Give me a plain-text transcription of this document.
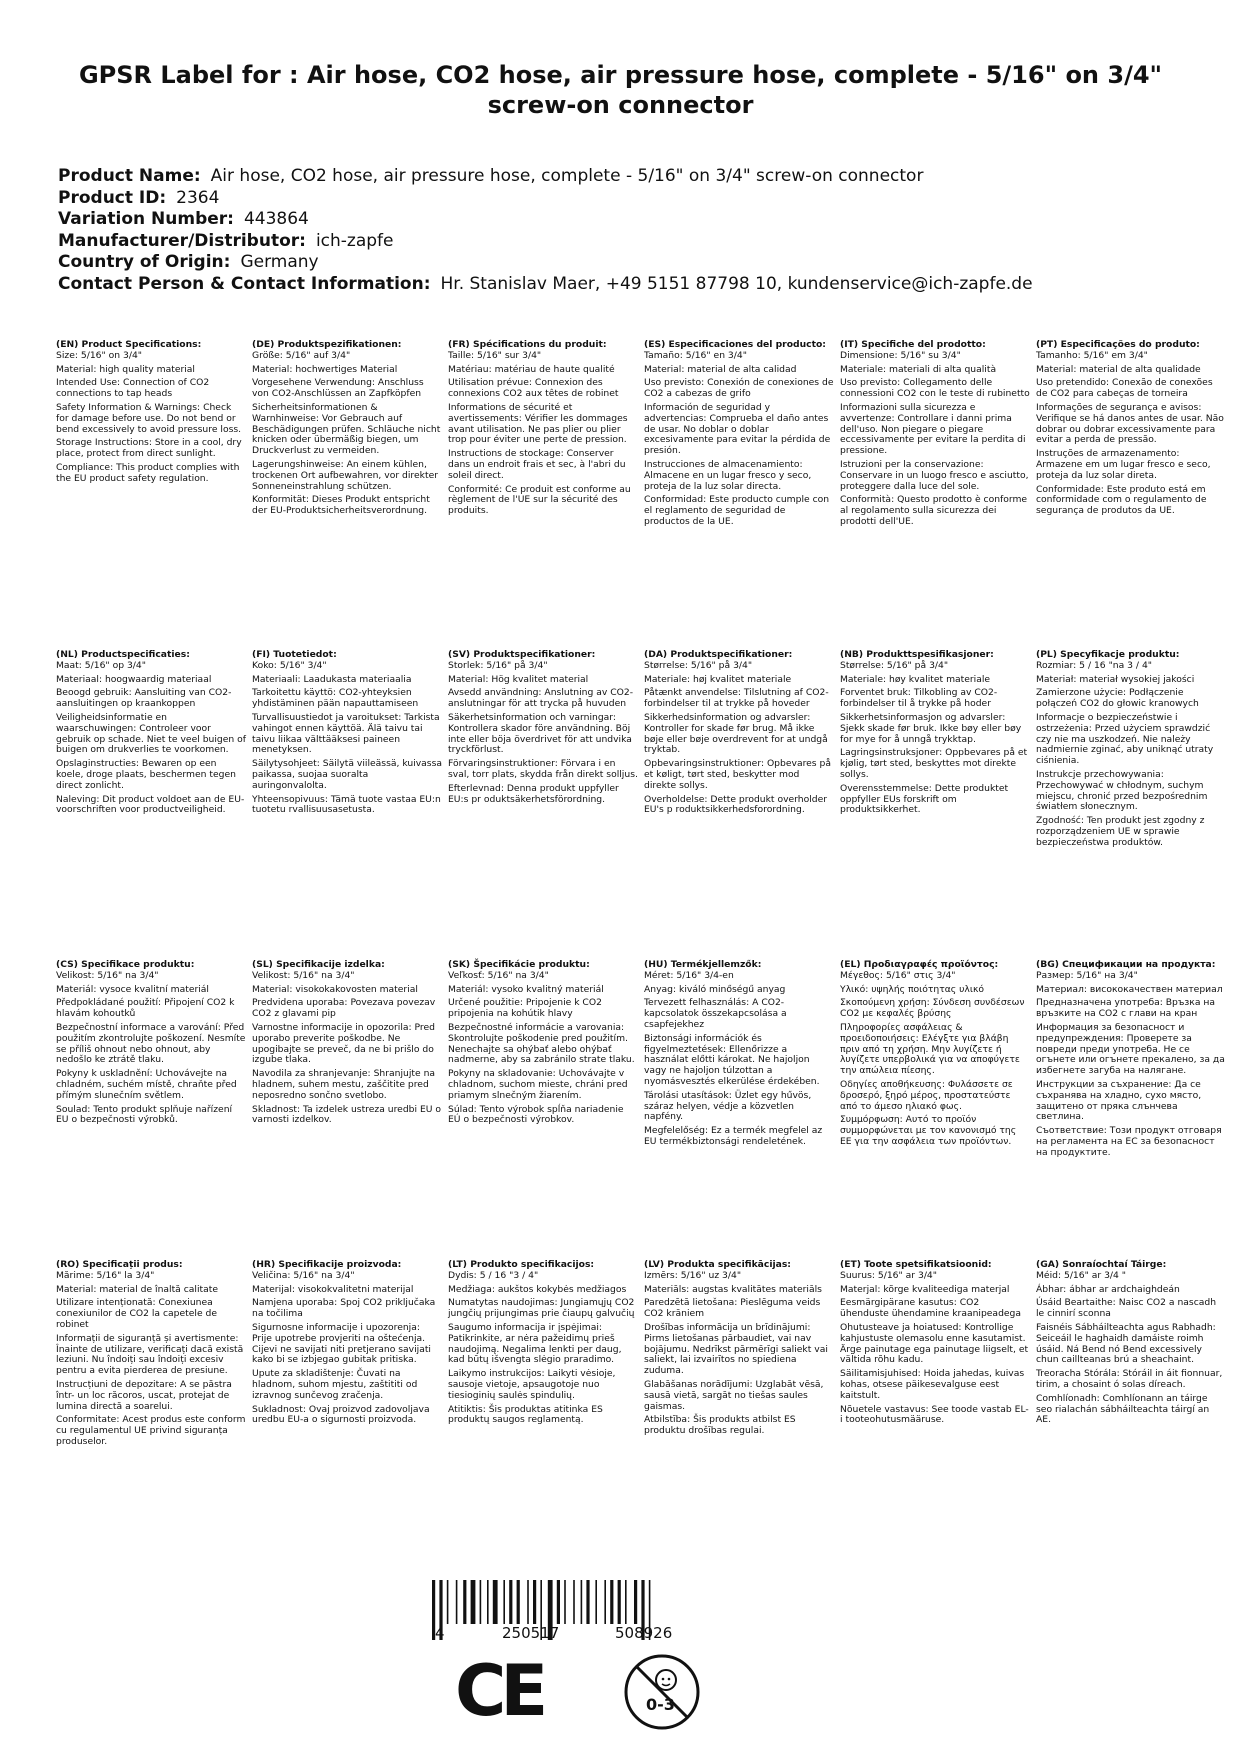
GPSR Label for : Air hose, CO2 hose, air pressure hose, complete - 5/16" on 3/4" screw-on connector
Product Name: Air hose, CO2 hose, air pressure hose, complete - 5/16" on 3/4" screw-on connector
Product ID: 2364
Variation Number: 443864
Manufacturer/Distributor: ich-zapfe
Country of Origin: Germany
Contact Person & Contact Information: Hr. Stanislav Maer, +49 5151 87798 10, kundenservice@ich-zapfe.de
(EN) Product Specifications:
Size: 5/16" on 3/4"
Material: high quality material
Intended Use: Connection of CO2 connections to tap heads
Safety Information & Warnings: Check for damage before use. Do not bend or bend excessively to avoid pressure loss.
Storage Instructions: Store in a cool, dry place, protect from direct sunlight.
Compliance: This product complies with the EU product safety regulation.
(DE) Produktspezifikationen:
Größe: 5/16" auf 3/4"
Material: hochwertiges Material
Vorgesehene Verwendung: Anschluss von CO2-Anschlüssen an Zapfköpfen
Sicherheitsinformationen & Warnhinweise: Vor Gebrauch auf Beschädigungen prüfen. Schläuche nicht knicken oder übermäßig biegen, um Druckverlust zu vermeiden.
Lagerungshinweise: An einem kühlen, trockenen Ort aufbewahren, vor direkter Sonneneinstrahlung schützen.
Konformität: Dieses Produkt entspricht der EU-Produktsicherheitsverordnung.
(FR) Spécifications du produit:
Taille: 5/16" sur 3/4"
Matériau: matériau de haute qualité
Utilisation prévue: Connexion des connexions CO2 aux têtes de robinet
Informations de sécurité et avertissements: Vérifier les dommages avant utilisation. Ne pas plier ou plier trop pour éviter une perte de pression.
Instructions de stockage: Conserver dans un endroit frais et sec, à l'abri du soleil direct.
Conformité: Ce produit est conforme au règlement de l'UE sur la sécurité des produits.
(ES) Especificaciones del producto:
Tamaño: 5/16" en 3/4"
Material: material de alta calidad
Uso previsto: Conexión de conexiones de CO2 a cabezas de grifo
Información de seguridad y advertencias: Comprueba el daño antes de usar. No doblar o doblar excesivamente para evitar la pérdida de presión.
Instrucciones de almacenamiento: Almacene en un lugar fresco y seco, proteja de la luz solar directa.
Conformidad: Este producto cumple con el reglamento de seguridad de productos de la UE.
(IT) Specifiche del prodotto:
Dimensione: 5/16" su 3/4"
Materiale: materiali di alta qualità
Uso previsto: Collegamento delle connessioni CO2 con le teste di rubinetto
Informazioni sulla sicurezza e avvertenze: Controllare i danni prima dell'uso. Non piegare o piegare eccessivamente per evitare la perdita di pressione.
Istruzioni per la conservazione: Conservare in un luogo fresco e asciutto, proteggere dalla luce del sole.
Conformità: Questo prodotto è conforme al regolamento sulla sicurezza dei prodotti dell'UE.
(PT) Especificações do produto:
Tamanho: 5/16" em 3/4"
Material: material de alta qualidade
Uso pretendido: Conexão de conexões de CO2 para cabeças de torneira
Informações de segurança e avisos: Verifique se há danos antes de usar. Não dobrar ou dobrar excessivamente para evitar a perda de pressão.
Instruções de armazenamento: Armazene em um lugar fresco e seco, proteja da luz solar direta.
Conformidade: Este produto está em conformidade com o regulamento de segurança de produtos da UE.
(NL) Productspecificaties:
Maat: 5/16" op 3/4"
Materiaal: hoogwaardig materiaal
Beoogd gebruik: Aansluiting van CO2-aansluitingen op kraankoppen
Veiligheidsinformatie en waarschuwingen: Controleer voor gebruik op schade. Niet te veel buigen of buigen om drukverlies te voorkomen.
Opslaginstructies: Bewaren op een koele, droge plaats, beschermen tegen direct zonlicht.
Naleving: Dit product voldoet aan de EU-voorschriften voor productveiligheid.
(FI) Tuotetiedot:
Koko: 5/16" 3/4"
Materiaali: Laadukasta materiaalia
Tarkoitettu käyttö: CO2-yhteyksien yhdistäminen pään napauttamiseen
Turvallisuustiedot ja varoitukset: Tarkista vahingot ennen käyttöä. Älä taivu tai taivu liikaa välttääksesi paineen menetyksen.
Säilytysohjeet: Säilytä viileässä, kuivassa paikassa, suojaa suoralta auringonvalolta.
Yhteensopivuus: Tämä tuote vastaa EU:n tuotetu rvallisuusasetusta.
(SV) Produktspecifikationer:
Storlek: 5/16" på 3/4"
Material: Hög kvalitet material
Avsedd användning: Anslutning av CO2-anslutningar för att trycka på huvuden
Säkerhetsinformation och varningar: Kontrollera skador före användning. Böj inte eller böja överdrivet för att undvika tryckförlust.
Förvaringsinstruktioner: Förvara i en sval, torr plats, skydda från direkt solljus.
Efterlevnad: Denna produkt uppfyller EU:s pr oduktsäkerhetsförordning.
(DA) Produktspecifikationer:
Størrelse: 5/16" på 3/4"
Materiale: høj kvalitet materiale
Påtænkt anvendelse: Tilslutning af CO2-forbindelser til at trykke på hoveder
Sikkerhedsinformation og advarsler: Kontroller for skade før brug. Må ikke bøje eller bøje overdrevent for at undgå tryktab.
Opbevaringsinstruktioner: Opbevares på et køligt, tørt sted, beskytter mod direkte sollys.
Overholdelse: Dette produkt overholder EU's p roduktsikkerhedsforordning.
(NB) Produkttspesifikasjoner:
Størrelse: 5/16" på 3/4"
Materiale: høy kvalitet materiale
Forventet bruk: Tilkobling av CO2-forbindelser til å trykke på hoder
Sikkerhetsinformasjon og advarsler: Sjekk skade før bruk. Ikke bøy eller bøy for mye for å unngå trykktap.
Lagringsinstruksjoner: Oppbevares på et kjølig, tørt sted, beskyttes mot direkte sollys.
Overensstemmelse: Dette produktet oppfyller EUs forskrift om produktsikkerhet.
(PL) Specyfikacje produktu:
Rozmiar: 5 / 16 "na 3 / 4"
Materiał: materiał wysokiej jakości
Zamierzone użycie: Podłączenie połączeń CO2 do głowic kranowych
Informacje o bezpieczeństwie i ostrzeżenia: Przed użyciem sprawdzić czy nie ma uszkodzeń. Nie należy nadmiernie zginać, aby uniknąć utraty ciśnienia.
Instrukcje przechowywania: Przechowywać w chłodnym, suchym miejscu, chronić przed bezpośrednim światłem słonecznym.
Zgodność: Ten produkt jest zgodny z rozporządzeniem UE w sprawie bezpieczeństwa produktów.
(CS) Specifikace produktu:
Velikost: 5/16" na 3/4"
Materiál: vysoce kvalitní materiál
Předpokládané použití: Připojení CO2 k hlavám kohoutků
Bezpečnostní informace a varování: Před použitím zkontrolujte poškození. Nesmíte se příliš ohnout nebo ohnout, aby nedošlo ke ztrátě tlaku.
Pokyny k uskladnění: Uchovávejte na chladném, suchém místě, chraňte před přímým slunečním světlem.
Soulad: Tento produkt splňuje nařízení EU o bezpečnosti výrobků.
(SL) Specifikacije izdelka:
Velikost: 5/16" na 3/4"
Material: visokokakovosten material
Predvidena uporaba: Povezava povezav CO2 z glavami pip
Varnostne informacije in opozorila: Pred uporabo preverite poškodbe. Ne upogibajte se preveč, da ne bi prišlo do izgube tlaka.
Navodila za shranjevanje: Shranjujte na hladnem, suhem mestu, zaščitite pred neposredno sončno svetlobo.
Skladnost: Ta izdelek ustreza uredbi EU o varnosti izdelkov.
(SK) Špecifikácie produktu:
Veľkosť: 5/16" na 3/4"
Materiál: vysoko kvalitný materiál
Určené použitie: Pripojenie k CO2 pripojenia na kohútik hlavy
Bezpečnostné informácie a varovania: Skontrolujte poškodenie pred použitím. Nenechajte sa ohýbať alebo ohýbať nadmerne, aby sa zabránilo strate tlaku.
Pokyny na skladovanie: Uchovávajte v chladnom, suchom mieste, chráni pred priamym slnečným žiarením.
Súlad: Tento výrobok spĺňa nariadenie EÚ o bezpečnosti výrobkov.
(HU) Termékjellemzők:
Méret: 5/16" 3/4-en
Anyag: kiváló minőségű anyag
Tervezett felhasználás: A CO2-kapcsolatok összekapcsolása a csapfejekhez
Biztonsági információk és figyelmeztetések: Ellenőrizze a használat előtti károkat. Ne hajoljon vagy ne hajoljon túlzottan a nyomásvesztés elkerülése érdekében.
Tárolási utasítások: Üzlet egy hűvös, száraz helyen, védje a közvetlen napfény.
Megfelelőség: Ez a termék megfelel az EU termékbiztonsági rendeletének.
(EL) Προδιαγραφές προϊόντος:
Μέγεθος: 5/16" στις 3/4"
Υλικό: υψηλής ποιότητας υλικό
Σκοπούμενη χρήση: Σύνδεση συνδέσεων CO2 με κεφαλές βρύσης
Πληροφορίες ασφάλειας & προειδοποιήσεις: Ελέγξτε για βλάβη πριν από τη χρήση. Μην λυγίζετε ή λυγίζετε υπερβολικά για να αποφύγετε την απώλεια πίεσης.
Οδηγίες αποθήκευσης: Φυλάσσετε σε δροσερό, ξηρό μέρος, προστατεύστε από το άμεσο ηλιακό φως.
Συμμόρφωση: Αυτό το προϊόν συμμορφώνεται με τον κανονισμό της ΕΕ για την ασφάλεια των προϊόντων.
(BG) Спецификации на продукта:
Размер: 5/16" на 3/4"
Материал: висококачествен материал
Предназначена употреба: Връзка на връзките на CO2 с глави на кран
Информация за безопасност и предупреждения: Проверете за повреди преди употреба. Не се огънете или огънете прекалено, за да избегнете загуба на налягане.
Инструкции за съхранение: Да се съхранява на хладно, сухо място, защитено от пряка слънчева светлина.
Съответствие: Този продукт отговаря на регламента на ЕС за безопасност на продуктите.
(RO) Specificații produs:
Mărime: 5/16" la 3/4"
Material: material de înaltă calitate
Utilizare intenționată: Conexiunea conexiunilor de CO2 la capetele de robinet
Informații de siguranță și avertismente: Înainte de utilizare, verificați dacă există leziuni. Nu îndoiți sau îndoiți excesiv pentru a evita pierderea de presiune.
Instrucțiuni de depozitare: A se păstra într- un loc răcoros, uscat, protejat de lumina directă a soarelui.
Conformitate: Acest produs este conform cu regulamentul UE privind siguranța produselor.
(HR) Specifikacije proizvoda:
Veličina: 5/16" na 3/4"
Materijal: visokokvalitetni materijal
Namjena uporaba: Spoj CO2 priključaka na točilima
Sigurnosne informacije i upozorenja: Prije upotrebe provjeriti na oštećenja. Cijevi ne savijati niti pretjerano savijati kako bi se izbjegao gubitak pritiska.
Upute za skladištenje: Čuvati na hladnom, suhom mjestu, zaštititi od izravnog sunčevog zračenja.
Sukladnost: Ovaj proizvod zadovoljava uredbu EU-a o sigurnosti proizvoda.
(LT) Produkto specifikacijos:
Dydis: 5 / 16 "3 / 4"
Medžiaga: aukštos kokybės medžiagos
Numatytas naudojimas: Jungiamųjų CO2 jungčių prijungimas prie čiaupų galvučių
Saugumo informacija ir įspėjimai: Patikrinkite, ar nėra pažeidimų prieš naudojimą. Negalima lenkti per daug, kad būtų išvengta slėgio praradimo.
Laikymo instrukcijos: Laikyti vėsioje, sausoje vietoje, apsaugotoje nuo tiesioginių saulės spindulių.
Atitiktis: Šis produktas atitinka ES produktų saugos reglamentą.
(LV) Produkta specifikācijas:
Izmērs: 5/16" uz 3/4"
Materiāls: augstas kvalitātes materiāls
Paredzētā lietošana: Pieslēguma veids CO2 krāniem
Drošības informācija un brīdinājumi: Pirms lietošanas pārbaudiet, vai nav bojājumu. Nedrīkst pārmērīgi saliekt vai saliekt, lai izvairītos no spiediena zuduma.
Glabāšanas norādījumi: Uzglabāt vēsā, sausā vietā, sargāt no tiešas saules gaismas.
Atbilstība: Šis produkts atbilst ES produktu drošības regulai.
(ET) Toote spetsifikatsioonid:
Suurus: 5/16" ar 3/4"
Materjal: kõrge kvaliteediga materjal
Eesmärgipärane kasutus: CO2 ühenduste ühendamine kraanipeadega
Ohutusteave ja hoiatused: Kontrollige kahjustuste olemasolu enne kasutamist. Ärge painutage ega painutage liigselt, et vältida rõhu kadu.
Säilitamisjuhised: Hoida jahedas, kuivas kohas, otsese päikesevalguse eest kaitstult.
Nõuetele vastavus: See toode vastab EL-i tooteohutusmääruse.
(GA) Sonraíochtaí Táirge:
Méid: 5/16" ar 3/4 "
Ábhar: ábhar ar ardchaighdeán
Úsáid Beartaithe: Naisc CO2 a nascadh le cinnirí sconna
Faisnéis Sábháilteachta agus Rabhadh: Seiceáil le haghaidh damáiste roimh úsáid. Ná Bend nó Bend excessively chun caillteanas brú a sheachaint.
Treoracha Stórála: Stóráil in áit fionnuar, tirim, a chosaint ó solas díreach.
Comhlíonadh: Comhlíonann an táirge seo rialachán sábháilteachta táirgí an AE.
4	250517	508926
CE	0-3
